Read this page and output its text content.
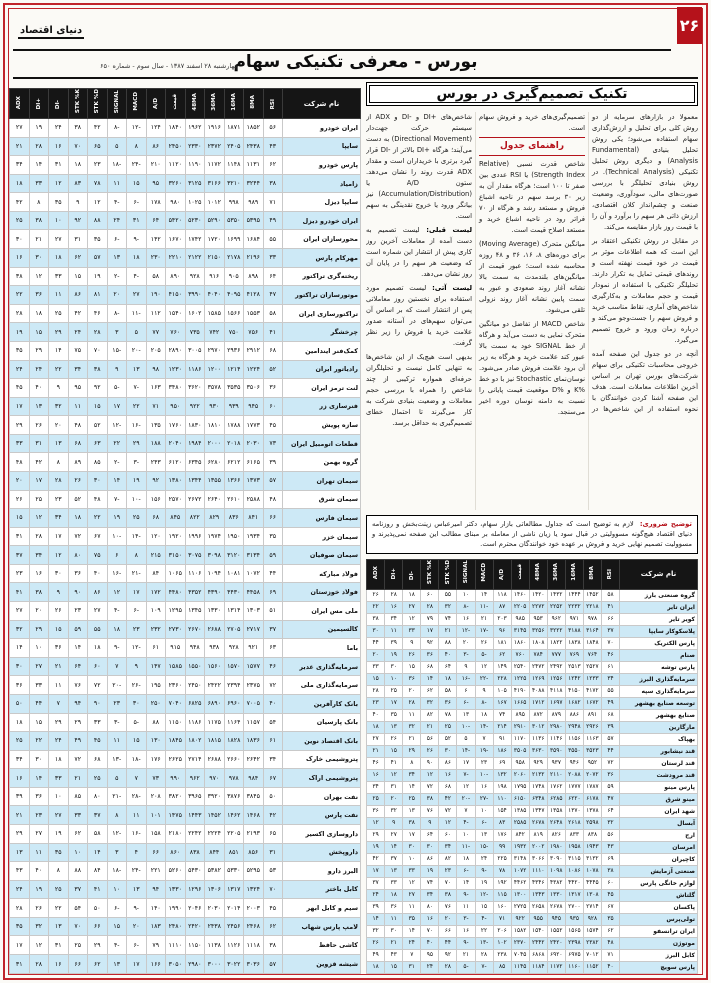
۲۶
دنیای اقتصاد
بورس - معرفی تکنیکی سهام
چهارشنبه ۲۸ اسفند ۱۳۸۷ - سال سوم - شماره ۶۵۰
تکنیک تصمیم‌گیری در بورس
نام شرکت	RSI	8MA	16MA	36MA	48MA	قیمت	A/D	MACD	SIGNAL	STK %D	STK %K	-DI	+DI	ADX
ایران خودرو	۵۶	۱۸۵۲	۱۸۷۱	۱۹۱۶	۱۹۶۲	۱۸۴۰	۱۲۴	-۱۲	-۸	۴۲	۳۸	۲۴	۱۹	۲۷
سایپا	۴۳	۲۴۳۸	۲۴۰۵	۲۳۷۲	۲۳۳۰	۲۴۵۰	۸۶	۸	۵	۶۵	۷۰	۱۶	۲۸	۲۱
پارس خودرو	۶۲	۱۱۳۱	۱۱۴۸	۱۱۷۲	۱۱۹۰	۱۱۲۰	۲۱۰	-۲۴	-۱۸	۲۳	۱۸	۳۱	۱۴	۳۴
زامیاد	۳۸	۳۲۴۴	۳۲۱۰	۳۱۶۶	۳۱۲۵	۳۲۶۰	۹۵	۱۵	۱۱	۷۸	۸۳	۱۲	۳۳	۱۸
سایپا دیزل	۷۱	۹۸۹	۹۹۸	۱۰۱۲	۱۰۲۵	۹۸۰	۱۷۸	-۶	-۴	۱۲	۹	۳۵	۸	۴۲
ایران خودرو دیزل	۴۹	۵۳۹۵	۵۳۵۰	۵۲۹۰	۵۲۳۰	۵۴۲۰	۶۴	۳۱	۲۴	۸۸	۹۲	۱۰	۳۸	۲۵
محورسازان ایران	۵۵	۱۶۸۴	۱۶۹۹	۱۷۲۰	۱۷۴۲	۱۶۷۰	۱۴۲	-۹	-۶	۳۵	۳۱	۲۷	۲۱	۳۰
مهرکام پارس	۳۳	۲۱۹۶	۲۱۷۸	۲۱۵۰	۲۱۲۲	۲۲۱۰	۲۳۰	۱۸	۱۳	۵۷	۶۲	۱۸	۳۰	۱۶
ریخته‌گری تراکتور	۶۴	۸۹۸	۹۰۵	۹۱۶	۹۲۸	۸۹۰	۵۸	-۴	-۲	۱۹	۱۵	۳۳	۱۲	۳۸
موتورسازان تراکتور	۴۷	۴۱۲۸	۴۰۹۵	۴۰۴۰	۳۹۹۰	۴۱۵۰	۱۹۰	۲۷	۲۰	۸۱	۸۶	۱۱	۳۶	۲۲
تراکتورسازی ایران	۵۸	۱۵۵۳	۱۵۶۶	۱۵۸۵	۱۶۰۲	۱۵۴۰	۱۱۲	-۱۱	-۸	۴۶	۴۲	۲۵	۱۸	۲۸
چرخشگر	۴۱	۷۵۶	۷۵۰	۷۴۲	۷۳۵	۷۶۰	۷۷	۵	۳	۲۸	۲۴	۲۹	۱۵	۱۹
کمک‌فنر ایندامین	۶۸	۲۹۱۲	۲۹۳۶	۲۹۷۰	۳۰۰۵	۲۸۹۰	۲۰۵	-۲۰	-۱۵	۷۰	۷۵	۱۴	۲۹	۳۵
رادیاتور ایران	۵۲	۱۲۲۴	۱۲۱۴	۱۲۰۰	۱۱۸۶	۱۲۳۰	۹۸	۱۳	۹	۳۸	۳۴	۲۲	۲۴	۲۴
لنت ترمز ایران	۳۶	۳۵۰۶	۳۵۳۵	۳۵۷۸	۳۶۲۰	۳۴۸۰	۱۶۳	-۷	-۵	۹۲	۹۵	۹	۴۰	۴۵
فنرسازی زر	۶۰	۹۴۵	۹۳۹	۹۳۰	۹۲۲	۹۵۰	۷۱	۲۲	۱۷	۱۵	۱۱	۳۲	۱۳	۱۷
سازه پویش	۴۵	۱۷۷۳	۱۷۸۸	۱۸۱۰	۱۸۳۰	۱۷۶۰	۱۳۵	-۱۶	-۱۲	۵۲	۴۸	۲۰	۲۶	۲۹
قطعات اتومبیل ایران	۷۳	۲۰۳۰	۲۰۱۸	۲۰۰۰	۱۹۸۴	۲۰۴۰	۱۸۸	۲۹	۲۲	۶۳	۶۸	۱۳	۳۱	۳۳
گروه بهمن	۳۹	۶۱۶۵	۶۲۱۲	۶۲۸۰	۶۳۴۵	۶۱۲۰	۲۴۳	-۳	-۲	۸۵	۸۹	۸	۴۲	۴۸
سیمان تهران	۵۷	۱۳۷۳	۱۳۶۶	۱۳۵۵	۱۳۴۴	۱۳۸۰	۹۲	۱۹	۱۴	۳۰	۲۶	۲۸	۱۷	۲۰
سیمان شرق	۴۸	۲۵۸۸	۲۶۱۰	۲۶۴۰	۲۶۷۲	۲۵۷۰	۱۵۶	-۱۰	-۷	۴۸	۵۲	۲۳	۲۵	۲۶
سیمان فارس	۶۶	۸۴۱	۸۳۶	۸۲۹	۸۲۲	۸۴۵	۶۸	۲۵	۱۹	۲۲	۱۸	۳۴	۱۲	۱۵
سیمان خزر	۳۵	۱۹۳۴	۱۹۵۰	۱۹۷۴	۱۹۹۶	۱۹۲۰	۱۲۰	-۱۴	-۱۰	۶۷	۷۲	۱۷	۲۸	۳۱
سیمان صوفیان	۵۹	۳۱۳۴	۳۱۲۰	۳۰۹۸	۳۰۷۵	۳۱۵۰	۲۱۵	۸	۶	۷۵	۸۰	۱۲	۳۴	۳۷
فولاد مبارکه	۴۴	۱۰۷۲	۱۰۸۱	۱۰۹۴	۱۱۰۶	۱۰۶۵	۸۴	-۲۱	-۱۶	۴۰	۳۶	۳۰	۱۶	۲۳
فولاد خوزستان	۶۹	۴۴۵۸	۴۴۳۰	۴۳۹۰	۴۳۵۲	۴۴۸۰	۱۷۲	۱۷	۱۲	۸۶	۹۰	۹	۳۸	۴۱
ملی مس ایران	۵۱	۱۳۰۳	۱۳۱۴	۱۳۳۰	۱۳۴۵	۱۲۹۵	۱۰۹	-۶	-۴	۲۷	۲۳	۲۶	۲۰	۲۷
کالسیمین	۳۷	۲۷۱۷	۲۷۰۵	۲۶۸۸	۲۶۷۰	۲۷۳۰	۲۳۲	۲۳	۱۸	۵۵	۵۹	۱۵	۲۹	۳۲
باما	۶۳	۹۲۱	۹۲۸	۹۳۸	۹۴۸	۹۱۵	۶۱	-۱۲	-۹	۱۸	۱۴	۳۶	۱۰	۱۴
سرمایه‌گذاری غدیر	۴۶	۱۵۷۷	۱۵۷۰	۱۵۶۰	۱۵۵۰	۱۵۸۵	۱۴۷	۹	۷	۶۰	۶۴	۲۱	۲۷	۳۰
سرمایه‌گذاری ملی	۷۲	۲۳۷۵	۲۳۹۴	۲۴۲۲	۲۴۵۰	۲۳۶۰	۱۹۵	-۲۶	-۲۰	۷۲	۷۶	۱۱	۳۳	۳۶
بانک کارآفرین	۴۰	۷۰۰۵	۶۹۶۰	۶۸۹۰	۶۸۲۵	۷۰۴۰	۲۵۰	۳۰	۲۳	۹۰	۹۴	۷	۴۴	۵۰
بانک پارسیان	۵۴	۱۱۵۷	۱۱۶۴	۱۱۷۵	۱۱۸۶	۱۱۵۰	۸۸	-۵	-۳	۳۳	۲۹	۲۹	۱۵	۱۸
بانک اقتصاد نوین	۶۱	۱۸۳۶	۱۸۲۸	۱۸۱۵	۱۸۰۲	۱۸۴۵	۱۳۰	۱۵	۱۱	۴۵	۴۹	۲۴	۲۲	۲۵
پتروشیمی خارک	۳۴	۲۶۴۲	۲۶۶۰	۲۶۸۸	۲۷۱۴	۲۶۲۵	۱۷۶	-۱۸	-۱۳	۶۸	۷۲	۱۸	۳۰	۳۴
پتروشیمی اراک	۶۷	۹۸۴	۹۷۸	۹۷۰	۹۶۲	۹۹۰	۷۳	۷	۵	۲۵	۲۱	۳۳	۱۴	۱۶
نفت بهران	۵۰	۳۸۴۵	۳۸۷۶	۳۹۲۰	۳۹۶۵	۳۸۲۰	۲۰۸	-۲۸	-۲۱	۸۰	۸۵	۱۰	۳۶	۳۹
نفت پارس	۴۲	۱۴۶۸	۱۴۶۲	۱۴۵۲	۱۴۴۳	۱۴۷۵	۱۰۱	۱۱	۸	۳۷	۳۳	۲۷	۲۳	۲۱
داروسازی اکسیر	۶۵	۲۱۹۳	۲۲۰۵	۲۲۲۴	۲۲۴۲	۲۱۸۰	۱۵۸	-۱۶	-۱۲	۵۸	۶۲	۱۹	۲۷	۲۹
داروپخش	۳۱	۸۵۶	۸۵۱	۸۴۴	۸۳۸	۸۶۰	۶۶	۴	۳	۱۴	۱۰	۳۵	۱۱	۱۳
البرز دارو	۵۳	۵۲۹۵	۵۳۳۰	۵۳۸۲	۵۴۳۰	۵۲۶۰	۲۲۱	-۲۴	-۱۸	۸۴	۸۸	۸	۴۰	۴۳
کابل باختر	۷۰	۱۳۲۴	۱۳۱۷	۱۳۰۶	۱۲۹۶	۱۳۳۰	۹۴	۱۳	۱۰	۴۱	۳۷	۲۵	۱۹	۲۴
سیم و کابل ابهر	۴۵	۲۰۰۳	۲۰۱۴	۲۰۳۰	۲۰۴۶	۱۹۹۰	۱۴۰	-۹	-۶	۵۰	۵۴	۲۲	۲۶	۲۸
لامپ پارس شهاب	۶۲	۲۴۶۸	۲۴۵۶	۲۴۳۸	۲۴۲۰	۲۴۸۰	۱۸۳	۲۰	۱۵	۶۶	۷۰	۱۳	۳۲	۳۵
کاشی حافظ	۳۸	۱۱۱۸	۱۱۲۶	۱۱۳۸	۱۱۵۰	۱۱۱۰	۷۹	-۶	-۴	۲۹	۲۵	۳۱	۱۲	۱۷
شیشه قزوین	۵۷	۳۰۳۶	۳۰۲۲	۳۰۰۰	۲۹۸۰	۳۰۵۰	۱۶۶	۱۷	۱۳	۶۲	۶۶	۱۶	۲۸	۳۱

معمولا در بازارهای سرمایه از دو روش کلی برای تحلیل و ارزش‌گذاری سهام استفاده می‌شود؛ یکی روش تحلیل بنیادی (Fundamental Analysis) و دیگری روش تحلیل تکنیکی (Technical Analysis). در روش بنیادی تحلیلگر با بررسی صورت‌های مالی، سودآوری، وضعیت صنعت و چشم‌انداز کلان اقتصادی، ارزش ذاتی هر سهم را برآورد و آن را با قیمت روز بازار مقایسه می‌کند.

در مقابل در روش تکنیکی اعتقاد بر این است که همه اطلاعات موثر بر قیمت در خود قیمت نهفته است و روندهای قیمتی تمایل به تکرار دارند. تحلیلگر تکنیکی با استفاده از نمودار قیمت و حجم معاملات و به‌کارگیری شاخص‌های آماری، نقاط مناسب خرید و فروش سهم را جست‌وجو می‌کند و درباره زمان ورود و خروج تصمیم می‌گیرد.

آنچه در دو جدول این صفحه آمده خروجی محاسبات تکنیکی برای سهام شرکت‌های بورس تهران بر اساس آخرین اطلاعات معاملات است. هدف این صفحه آشنا کردن خوانندگان با نحوه استفاده از این شاخص‌ها در تصمیم‌گیری‌های خرید و فروش سهام است.

راهنمای جدول

شاخص قدرت نسبی (Relative Strength Index) یا RSI عددی بین صفر تا ۱۰۰ است؛ هرگاه مقدار آن به زیر ۳۰ برسد سهم در ناحیه اشباع فروش و مستعد رشد و هرگاه از ۷۰ فراتر رود در ناحیه اشباع خرید و مستعد اصلاح قیمت است.

میانگین متحرک (Moving Average) برای دوره‌های ۸، ۱۶، ۳۶ و ۴۸ روزه محاسبه شده است؛ عبور قیمت از میانگین‌های بلندمدت به سمت بالا نشانه آغاز روند صعودی و عبور به سمت پایین نشانه آغاز روند نزولی تلقی می‌شود.

شاخص MACD از تفاضل دو میانگین متحرک نمایی به دست می‌آید و هرگاه از خط SIGNAL خود به سمت بالا عبور کند علامت خرید و هرگاه به زیر آن برود علامت فروش صادر می‌شود. نوسان‌نمای Stochastic نیز با دو خط %K و %D موقعیت قیمت پایانی را نسبت به دامنه نوسان دوره اخیر می‌سنجد.

شاخص‌های +DI و -DI و ADX از سیستم حرکت جهت‌دار (Directional Movement) به دست می‌آیند؛ هرگاه +DI بالاتر از -DI قرار گیرد برتری با خریداران است و مقدار ADX قدرت روند را نشان می‌دهد. ستون A/D یا (Accumulation/Distribution) نیز بیانگر ورود یا خروج نقدینگی به سهم است.

لیست قبلی: لیست تصمیم به دست آمده از معاملات آخرین روز کاری پیش از انتشار این شماره است که وضعیت هر سهم را در پایان آن روز نشان می‌دهد.

لیست آتی: لیست تصمیم مورد استفاده برای نخستین روز معاملاتی پس از انتشار است که بر اساس آن می‌توان سهم‌های در آستانه صدور علامت خرید یا فروش را زیر نظر گرفت.

بدیهی است هیچ‌یک از این شاخص‌ها به تنهایی کامل نیست و تحلیلگران حرفه‌ای همواره ترکیبی از چند شاخص را همراه با بررسی حجم معاملات و وضعیت بنیادی شرکت به کار می‌گیرند تا احتمال خطای تصمیم‌گیری به حداقل برسد.

توضیح ضروری: لازم به توضیح است که جداول مطالعاتی بازار سهام، دکتر امیرعباس زینت‌بخش و روزنامه دنیای اقتصاد هیچ‌گونه مسوولیتی در قبال سود یا زیان ناشی از معامله بر مبنای مطالب این صفحه نمی‌پذیرند و مسوولیت تصمیم نهایی خرید و فروش بر عهده خود خوانندگان محترم است.
نام شرکت	RSI	8MA	16MA	36MA	48MA	قیمت	A/D	MACD	SIGNAL	STK %D	STK %K	-DI	+DI	ADX
گروه صنعتی بارز	۵۸	۱۴۵۲	۱۴۴۴	۱۴۳۲	۱۴۲۰	۱۴۶۰	۱۱۸	۱۴	۱۰	۵۵	۶۰	۱۸	۲۸	۲۶
ایران تایر	۴۱	۲۲۱۸	۲۲۳۲	۲۲۵۲	۲۲۷۲	۲۲۰۵	۸۷	-۱۱	-۸	۳۲	۲۸	۲۷	۱۶	۲۲
کویر تایر	۶۶	۹۷۸	۹۷۱	۹۶۲	۹۵۳	۹۸۵	۲۰۳	۲۱	۱۶	۷۴	۷۹	۱۲	۳۴	۳۸
پلاسکوکار سایپا	۳۷	۳۱۶۴	۳۱۸۸	۳۲۲۲	۳۲۵۶	۳۱۴۵	۹۶	-۱۷	-۱۲	۲۱	۱۷	۳۳	۱۱	۳۰
پارس الکتریک	۷۰	۱۸۴۸	۱۸۳۸	۱۸۲۲	۱۸۰۸	۱۸۶۰	۱۸۱	۲۶	۲۰	۸۸	۹۲	۹	۳۹	۴۴
صنام	۴۶	۷۶۴	۷۶۹	۷۷۷	۷۸۴	۷۶۰	۶۲	-۵	-۳	۴۰	۳۶	۲۶	۱۹	۲۰
پارس توشه	۶۱	۲۵۲۷	۲۵۱۳	۲۴۹۲	۲۴۷۲	۲۵۴۰	۱۴۹	۱۲	۹	۶۴	۶۸	۱۵	۳۰	۳۳
سرمایه‌گذاری البرز	۳۴	۱۲۳۳	۱۲۴۲	۱۲۵۶	۱۲۶۹	۱۲۲۵	۲۲۸	-۲۲	-۱۶	۱۸	۱۴	۳۶	۱۰	۱۵
سرمایه‌گذاری سپه	۵۵	۴۱۷۲	۴۱۵۰	۴۱۱۸	۴۰۸۸	۴۱۹۰	۱۰۵	۹	۶	۵۸	۶۲	۲۰	۲۵	۲۸
توسعه صنایع بهشهر	۴۹	۱۶۷۲	۱۶۸۲	۱۶۹۷	۱۷۱۲	۱۶۶۵	۱۶۷	-۸	-۶	۳۶	۳۲	۲۸	۱۷	۲۳
صنایع بهشهر	۶۸	۸۹۱	۸۸۶	۸۷۹	۸۷۲	۸۹۵	۷۴	۱۸	۱۳	۷۸	۸۲	۱۱	۳۵	۴۰
مارگارین	۳۹	۲۹۲۶	۲۹۴۸	۲۹۸۰	۳۰۱۲	۲۹۱۰	۲۱۴	-۱۴	-۱۰	۲۵	۲۱	۳۲	۱۳	۱۸
بهپاک	۵۷	۱۱۶۳	۱۱۵۶	۱۱۴۶	۱۱۳۶	۱۱۷۰	۹۱	۷	۵	۵۲	۵۶	۲۱	۲۶	۲۷
قند نیشابور	۴۴	۳۵۲۳	۳۵۵۰	۳۵۹۰	۳۶۳۰	۳۵۰۵	۱۸۶	-۱۹	-۱۴	۳۰	۲۶	۲۹	۱۵	۲۱
قند لرستان	۷۲	۹۵۲	۹۴۶	۹۳۷	۹۲۹	۹۵۸	۶۹	۲۳	۱۷	۸۶	۹۰	۸	۴۱	۴۶
قند مرودشت	۳۶	۲۰۷۲	۲۰۸۸	۲۱۱۰	۲۱۳۲	۲۰۶۰	۱۳۲	-۱۰	-۷	۱۶	۱۲	۳۴	۱۲	۱۶
پارس مینو	۵۹	۱۷۸۷	۱۷۷۷	۱۷۶۲	۱۷۴۸	۱۷۹۵	۱۹۸	۱۶	۱۲	۶۸	۷۲	۱۴	۳۱	۳۴
مینو شرق	۴۷	۶۱۷۸	۶۲۲۰	۶۲۸۵	۶۳۴۸	۶۱۵۰	۱۱۰	-۲۷	-۲۰	۴۲	۳۸	۲۵	۲۰	۲۵
شهد ایران	۶۴	۱۳۷۸	۱۳۷۰	۱۳۵۸	۱۳۴۷	۱۳۸۵	۱۵۴	۱۰	۷	۷۲	۷۶	۱۳	۳۲	۳۶
آبسال	۳۲	۲۵۹۸	۲۶۱۸	۲۶۴۸	۲۶۷۸	۲۵۸۵	۸۳	-۶	-۴	۱۲	۹	۳۸	۹	۱۲
ارج	۵۶	۸۳۸	۸۳۳	۸۲۶	۸۱۹	۸۴۲	۱۷۶	۱۳	۱۰	۶۰	۶۴	۱۷	۲۷	۲۹
امرسان	۴۳	۱۹۴۳	۱۹۵۸	۱۹۸۰	۲۰۰۲	۱۹۳۲	۹۹	-۱۵	-۱۱	۳۴	۳۰	۳۰	۱۴	۱۹
کاچیران	۶۹	۳۱۳۲	۳۱۱۵	۳۰۹۰	۳۰۶۶	۳۱۴۸	۲۲۵	۲۴	۱۸	۸۲	۸۶	۱۰	۳۷	۴۲
صنعتی آزمایش	۳۸	۱۰۷۸	۱۰۸۶	۱۰۹۸	۱۱۱۰	۱۰۷۲	۷۸	-۹	-۶	۲۳	۱۹	۳۳	۱۳	۱۷
لوازم خانگی پارس	۶۰	۴۴۴۵	۴۴۲۰	۴۳۸۲	۴۳۴۶	۴۴۶۲	۱۹۲	۱۹	۱۴	۷۰	۷۴	۱۲	۳۳	۳۷
گلتاش	۴۵	۱۳۰۸	۱۳۱۷	۱۳۳۰	۱۳۴۳	۱۳۰۰	۱۱۵	-۱۲	-۹	۳۸	۳۴	۲۷	۱۸	۲۴
پاکسان	۶۷	۲۷۱۴	۲۷۰۰	۲۶۷۸	۲۶۵۸	۲۷۲۵	۱۶۰	۱۵	۱۱	۷۶	۸۰	۱۱	۳۶	۳۹
تولی‌پرس	۳۵	۹۲۸	۹۳۵	۹۴۵	۹۵۵	۹۲۲	۷۱	-۴	-۳	۲۰	۱۶	۳۵	۱۱	۱۴
ایران ترانسفو	۶۲	۱۵۷۴	۱۵۶۵	۱۵۵۲	۱۵۴۰	۱۵۸۲	۲۰۶	۲۲	۱۶	۶۶	۷۰	۱۴	۳۰	۳۲
موتوژن	۴۸	۲۳۸۲	۲۳۹۸	۲۴۲۰	۲۴۴۲	۲۳۷۰	۱۰۲	-۱۳	-۹	۴۴	۴۰	۲۴	۲۱	۲۶
کابل البرز	۷۱	۷۰۱۲	۶۹۷۵	۶۹۲۰	۶۸۶۸	۷۰۴۵	۲۳۸	۲۸	۲۱	۹۲	۹۵	۷	۴۳	۴۹
پارس سویچ	۴۰	۱۱۵۲	۱۱۶۰	۱۱۷۲	۱۱۸۴	۱۱۴۵	۸۵	-۷	-۵	۲۸	۲۴	۳۱	۱۵	۱۸
